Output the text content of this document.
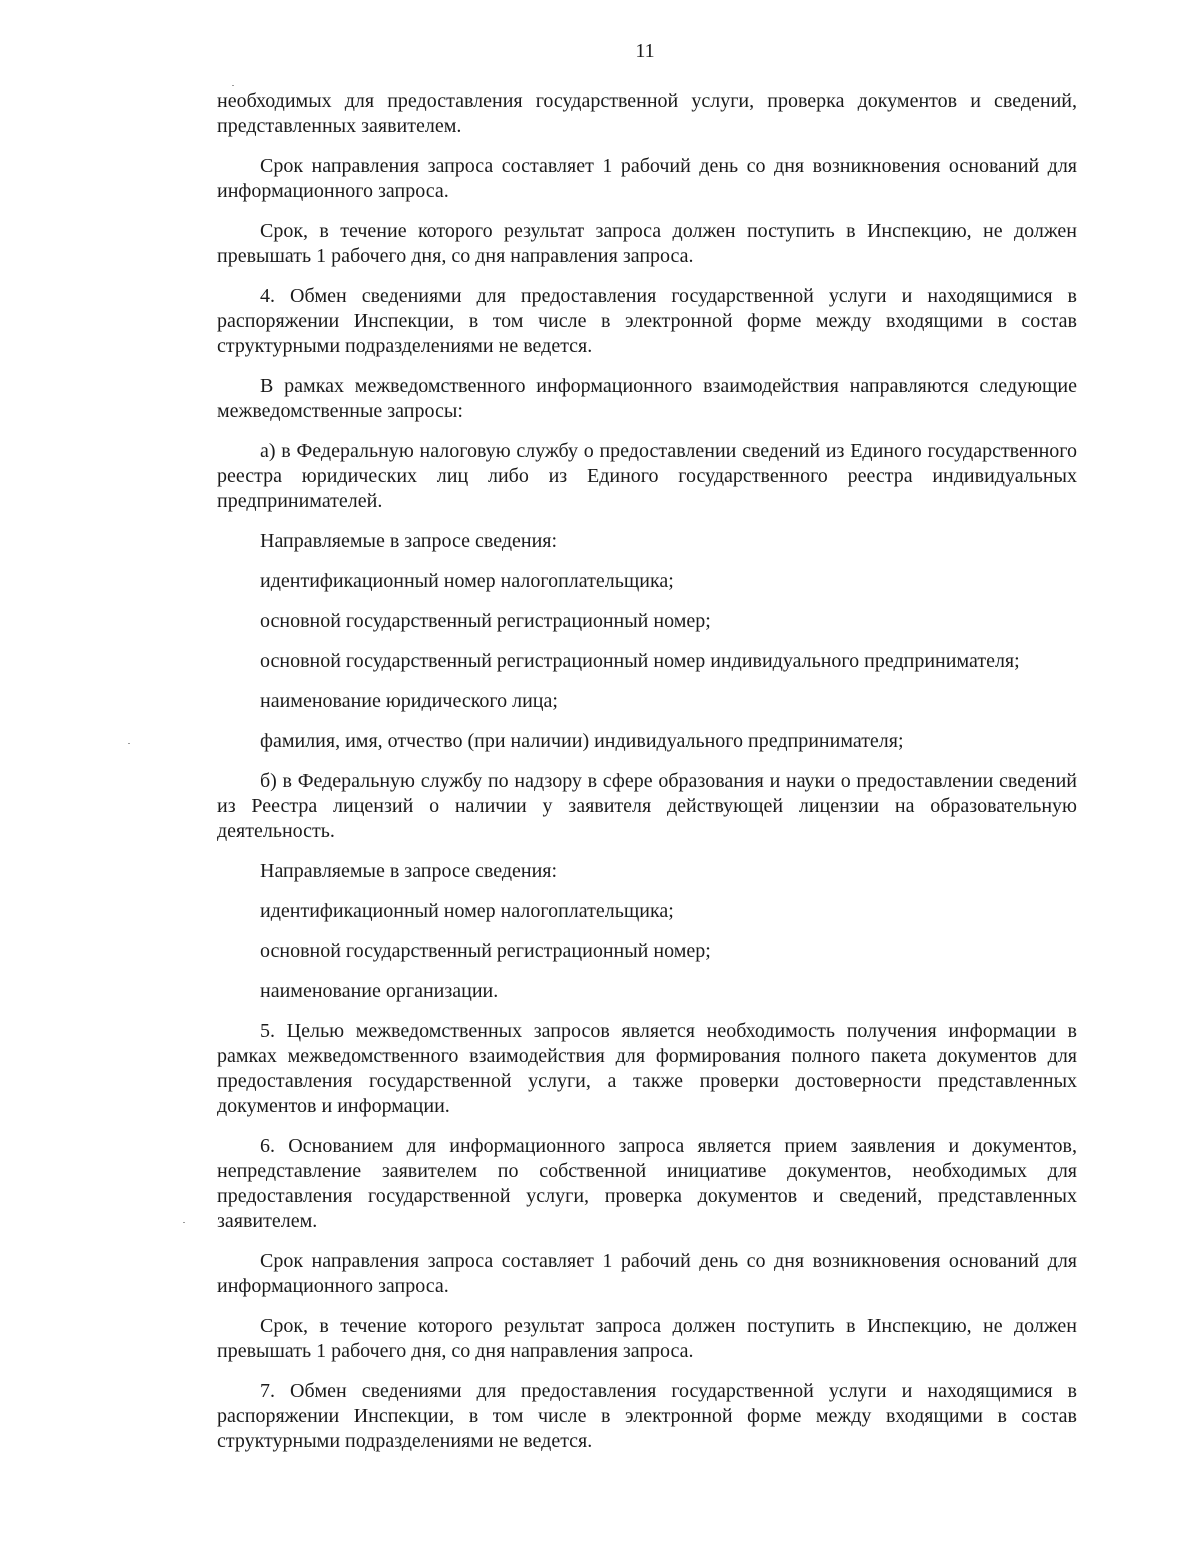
11

необходимых для предоставления государственной услуги, проверка документов и сведений, представленных заявителем.

Срок направления запроса составляет 1 рабочий день со дня возникновения оснований для информационного запроса.

Срок, в течение которого результат запроса должен поступить в Инспекцию, не должен превышать 1 рабочего дня, со дня направления запроса.

4. Обмен сведениями для предоставления государственной услуги и находящимися в распоряжении Инспекции, в том числе в электронной форме между входящими в состав структурными подразделениями не ведется.

В рамках межведомственного информационного взаимодействия направляются следующие межведомственные запросы:

а) в Федеральную налоговую службу о предоставлении сведений из Единого государственного реестра юридических лиц либо из Единого государственного реестра индивидуальных предпринимателей.

Направляемые в запросе сведения:

идентификационный номер налогоплательщика;

основной государственный регистрационный номер;

основной государственный регистрационный номер индивидуального предпринимателя;

наименование юридического лица;

фамилия, имя, отчество (при наличии) индивидуального предпринимателя;

б) в Федеральную службу по надзору в сфере образования и науки о предоставлении сведений из Реестра лицензий о наличии у заявителя действующей лицензии на образовательную деятельность.

Направляемые в запросе сведения:

идентификационный номер налогоплательщика;

основной государственный регистрационный номер;

наименование организации.

5. Целью межведомственных запросов является необходимость получения информации в рамках межведомственного взаимодействия для формирования полного пакета документов для предоставления государственной услуги, а также проверки достоверности представленных документов и информации.

6. Основанием для информационного запроса является прием заявления и документов, непредставление заявителем по собственной инициативе документов, необходимых для предоставления государственной услуги, проверка документов и сведений, представленных заявителем.

Срок направления запроса составляет 1 рабочий день со дня возникновения оснований для информационного запроса.

Срок, в течение которого результат запроса должен поступить в Инспекцию, не должен превышать 1 рабочего дня, со дня направления запроса.

7. Обмен сведениями для предоставления государственной услуги и находящимися в распоряжении Инспекции, в том числе в электронной форме между входящими в состав структурными подразделениями не ведется.
